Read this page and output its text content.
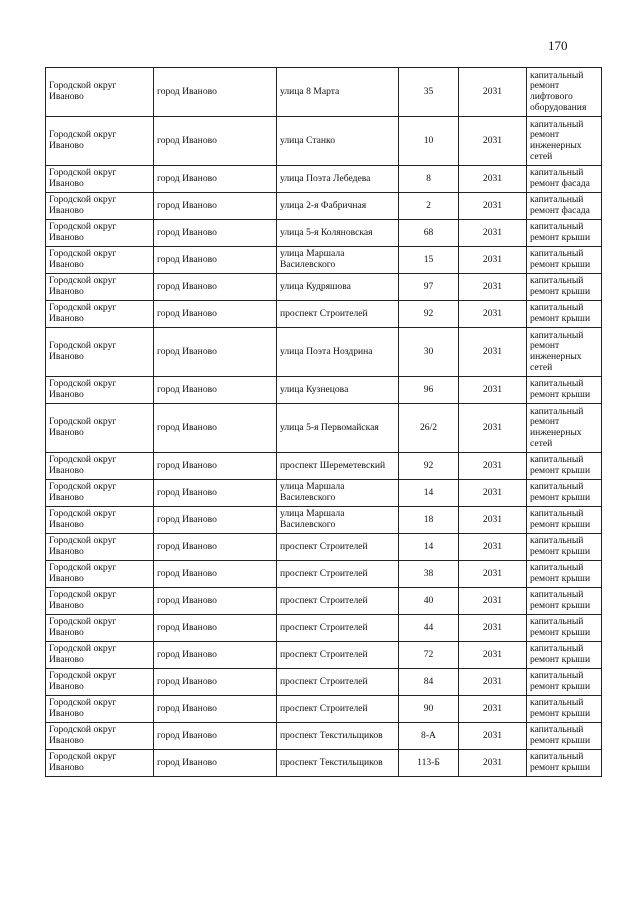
170
Городской округ Иваново	город Иваново	улица 8 Марта	35	2031	капитальный ремонт лифтового оборудования
Городской округ Иваново	город Иваново	улица Станко	10	2031	капитальный ремонт инженерных сетей
Городской округ Иваново	город Иваново	улица Поэта Лебедева	8	2031	капитальный ремонт фасада
Городской округ Иваново	город Иваново	улица 2-я Фабричная	2	2031	капитальный ремонт фасада
Городской округ Иваново	город Иваново	улица 5-я Коляновская	68	2031	капитальный ремонт крыши
Городской округ Иваново	город Иваново	улица Маршала Василевского	15	2031	капитальный ремонт крыши
Городской округ Иваново	город Иваново	улица Кудряшова	97	2031	капитальный ремонт крыши
Городской округ Иваново	город Иваново	проспект Строителей	92	2031	капитальный ремонт крыши
Городской округ Иваново	город Иваново	улица Поэта Ноздрина	30	2031	капитальный ремонт инженерных сетей
Городской округ Иваново	город Иваново	улица Кузнецова	96	2031	капитальный ремонт крыши
Городской округ Иваново	город Иваново	улица 5-я Первомайская	26/2	2031	капитальный ремонт инженерных сетей
Городской округ Иваново	город Иваново	проспект Шереметевский	92	2031	капитальный ремонт крыши
Городской округ Иваново	город Иваново	улица Маршала Василевского	14	2031	капитальный ремонт крыши
Городской округ Иваново	город Иваново	улица Маршала Василевского	18	2031	капитальный ремонт крыши
Городской округ Иваново	город Иваново	проспект Строителей	14	2031	капитальный ремонт крыши
Городской округ Иваново	город Иваново	проспект Строителей	38	2031	капитальный ремонт крыши
Городской округ Иваново	город Иваново	проспект Строителей	40	2031	капитальный ремонт крыши
Городской округ Иваново	город Иваново	проспект Строителей	44	2031	капитальный ремонт крыши
Городской округ Иваново	город Иваново	проспект Строителей	72	2031	капитальный ремонт крыши
Городской округ Иваново	город Иваново	проспект Строителей	84	2031	капитальный ремонт крыши
Городской округ Иваново	город Иваново	проспект Строителей	90	2031	капитальный ремонт крыши
Городской округ Иваново	город Иваново	проспект Текстильщиков	8-А	2031	капитальный ремонт крыши
Городской округ Иваново	город Иваново	проспект Текстильщиков	113-Б	2031	капитальный ремонт крыши
